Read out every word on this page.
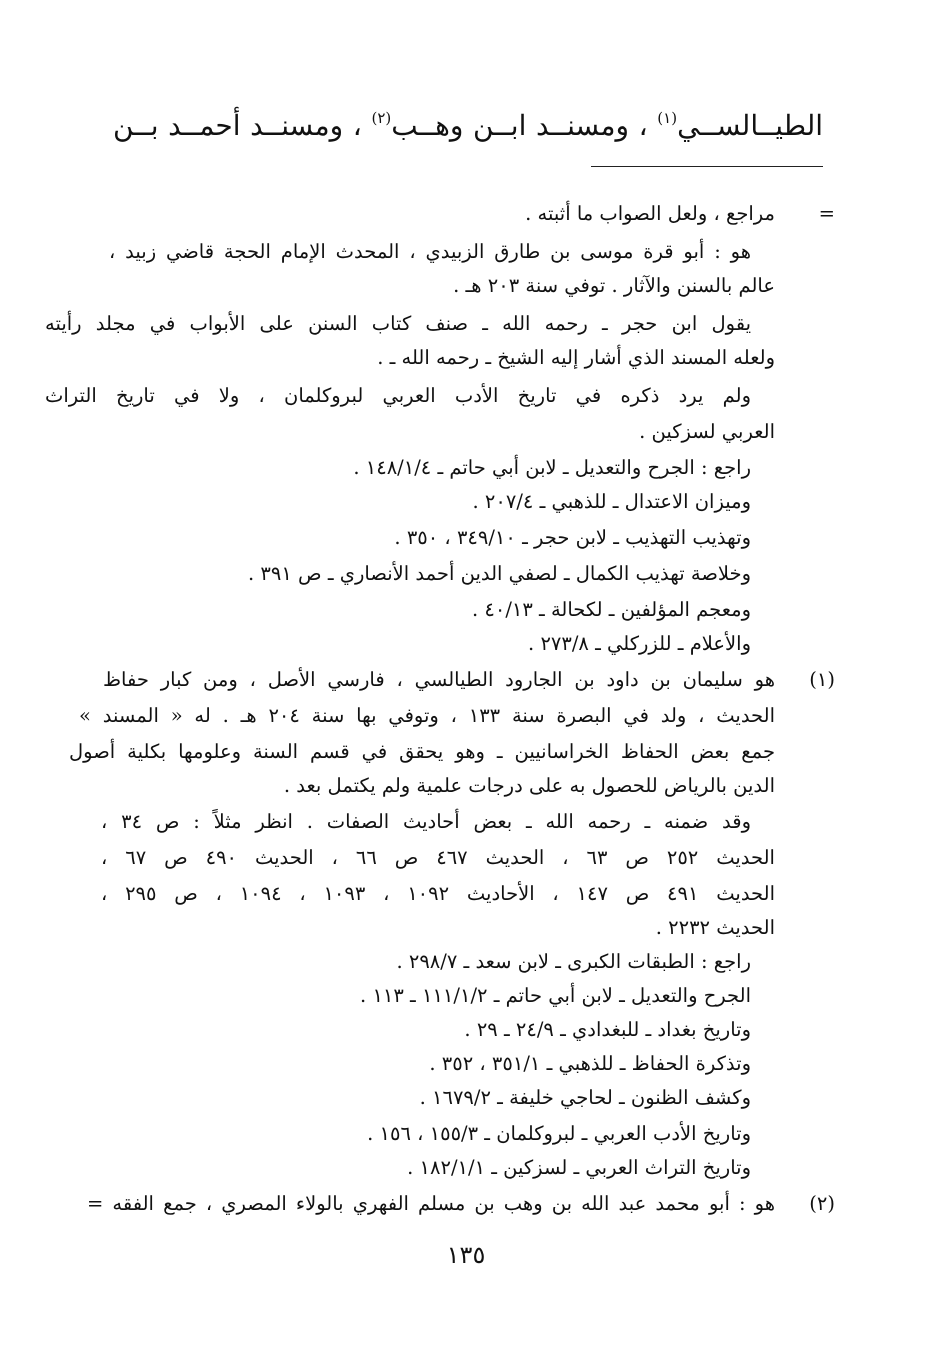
الطيــالســي$^{(١)}$ ، ومسنــد ابــن وهــب$^{(٢)}$ ، ومسنــد أحمــد بــن
=
مراجع ، ولعل الصواب ما أثبته .
هو : أبو قرة موسى بن طارق الزبيدي ، المحدث الإمام الحجة قاضي زبيد ،
عالم بالسنن والآثار . توفي سنة ٢٠٣ هـ .
يقول ابن حجر ـ رحمه الله ـ صنف كتاب السنن على الأبواب في مجلد رأيته
ولعله المسند الذي أشار إليه الشيخ ـ رحمه الله ـ .
ولم يرد ذكره في تاريخ الأدب العربي لبروكلمان ، ولا في تاريخ التراث
العربي لسزكين .
راجع : الجرح والتعديل ـ لابن أبي حاتم ـ ١٤٨/١/٤ .
وميزان الاعتدال ـ للذهبي ـ ٢٠٧/٤ .
وتهذيب التهذيب ـ لابن حجر ـ ٣٤٩/١٠ ، ٣٥٠ .
وخلاصة تهذيب الكمال ـ لصفي الدين أحمد الأنصاري ـ ص ٣٩١ .
ومعجم المؤلفين ـ لكحالة ـ ٤٠/١٣ .
والأعلام ـ للزركلي ـ ٢٧٣/٨ .
(١)
هو سليمان بن داود بن الجارود الطيالسي ، فارسي الأصل ، ومن كبار حفاظ
الحديث ، ولد في البصرة سنة ١٣٣ ، وتوفي بها سنة ٢٠٤ هـ . له « المسند »
جمع بعض الحفاظ الخراسانيين ـ وهو يحقق في قسم السنة وعلومها بكلية أصول
الدين بالرياض للحصول به على درجات علمية ولم يكتمل بعد .
وقد ضمنه ـ رحمه الله ـ بعض أحاديث الصفات . انظر مثلاً : ص ٣٤ ،
الحديث ٢٥٢ ص ٦٣ ، الحديث ٤٦٧ ص ٦٦ ، الحديث ٤٩٠ ص ٦٧ ،
الحديث ٤٩١ ص ١٤٧ ، الأحاديث ١٠٩٢ ، ١٠٩٣ ، ١٠٩٤ ، ص ٢٩٥ ،
الحديث ٢٢٣٢ .
راجع : الطبقات الكبرى ـ لابن سعد ـ ٢٩٨/٧ .
الجرح والتعديل ـ لابن أبي حاتم ـ ١١١/١/٢ ـ ١١٣ .
وتاريخ بغداد ـ للبغدادي ـ ٢٤/٩ ـ ٢٩ .
وتذكرة الحفاظ ـ للذهبي ـ ٣٥١/١ ، ٣٥٢ .
وكشف الظنون ـ لحاجي خليفة ـ ١٦٧٩/٢ .
وتاريخ الأدب العربي ـ لبروكلمان ـ ١٥٥/٣ ، ١٥٦ .
وتاريخ التراث العربي ـ لسزكين ـ ١٨٢/١/١ .
(٢)
هو : أبو محمد عبد الله بن وهب بن مسلم الفهري بالولاء المصري ، جمع الفقه =
١٣٥
